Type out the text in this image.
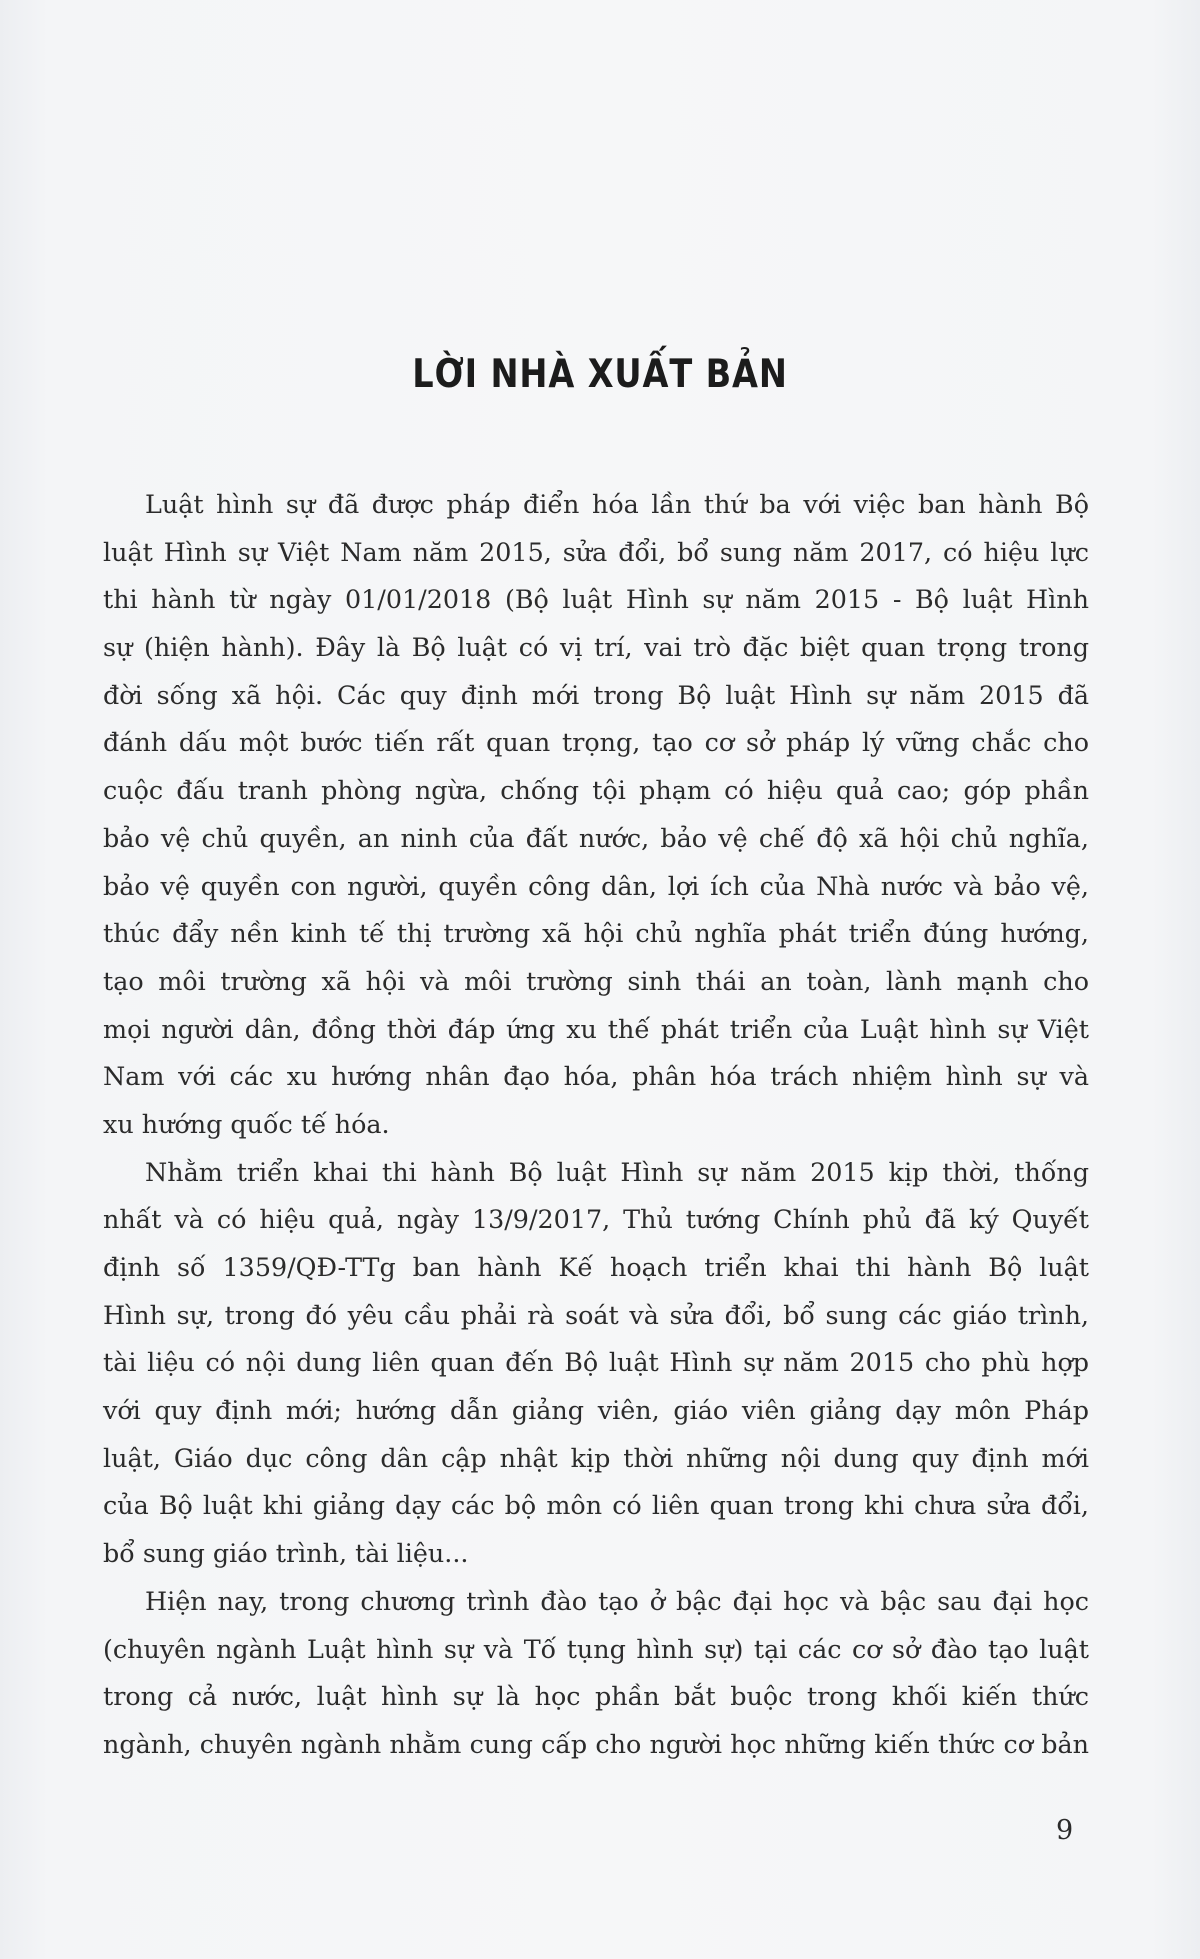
LỜI NHÀ XUẤT BẢN
Luật hình sự đã được pháp điển hóa lần thứ ba với việc ban hành Bộ
luật Hình sự Việt Nam năm 2015, sửa đổi, bổ sung năm 2017, có hiệu lực
thi hành từ ngày 01/01/2018 (Bộ luật Hình sự năm 2015 - Bộ luật Hình
sự (hiện hành). Đây là Bộ luật có vị trí, vai trò đặc biệt quan trọng trong
đời sống xã hội. Các quy định mới trong Bộ luật Hình sự năm 2015 đã
đánh dấu một bước tiến rất quan trọng, tạo cơ sở pháp lý vững chắc cho
cuộc đấu tranh phòng ngừa, chống tội phạm có hiệu quả cao; góp phần
bảo vệ chủ quyền, an ninh của đất nước, bảo vệ chế độ xã hội chủ nghĩa,
bảo vệ quyền con người, quyền công dân, lợi ích của Nhà nước và bảo vệ,
thúc đẩy nền kinh tế thị trường xã hội chủ nghĩa phát triển đúng hướng,
tạo môi trường xã hội và môi trường sinh thái an toàn, lành mạnh cho
mọi người dân, đồng thời đáp ứng xu thế phát triển của Luật hình sự Việt
Nam với các xu hướng nhân đạo hóa, phân hóa trách nhiệm hình sự và
xu hướng quốc tế hóa.
Nhằm triển khai thi hành Bộ luật Hình sự năm 2015 kịp thời, thống
nhất và có hiệu quả, ngày 13/9/2017, Thủ tướng Chính phủ đã ký Quyết
định số 1359/QĐ-TTg ban hành Kế hoạch triển khai thi hành Bộ luật
Hình sự, trong đó yêu cầu phải rà soát và sửa đổi, bổ sung các giáo trình,
tài liệu có nội dung liên quan đến Bộ luật Hình sự năm 2015 cho phù hợp
với quy định mới; hướng dẫn giảng viên, giáo viên giảng dạy môn Pháp
luật, Giáo dục công dân cập nhật kịp thời những nội dung quy định mới
của Bộ luật khi giảng dạy các bộ môn có liên quan trong khi chưa sửa đổi,
bổ sung giáo trình, tài liệu...
Hiện nay, trong chương trình đào tạo ở bậc đại học và bậc sau đại học
(chuyên ngành Luật hình sự và Tố tụng hình sự) tại các cơ sở đào tạo luật
trong cả nước, luật hình sự là học phần bắt buộc trong khối kiến thức
ngành, chuyên ngành nhằm cung cấp cho người học những kiến thức cơ bản
9
